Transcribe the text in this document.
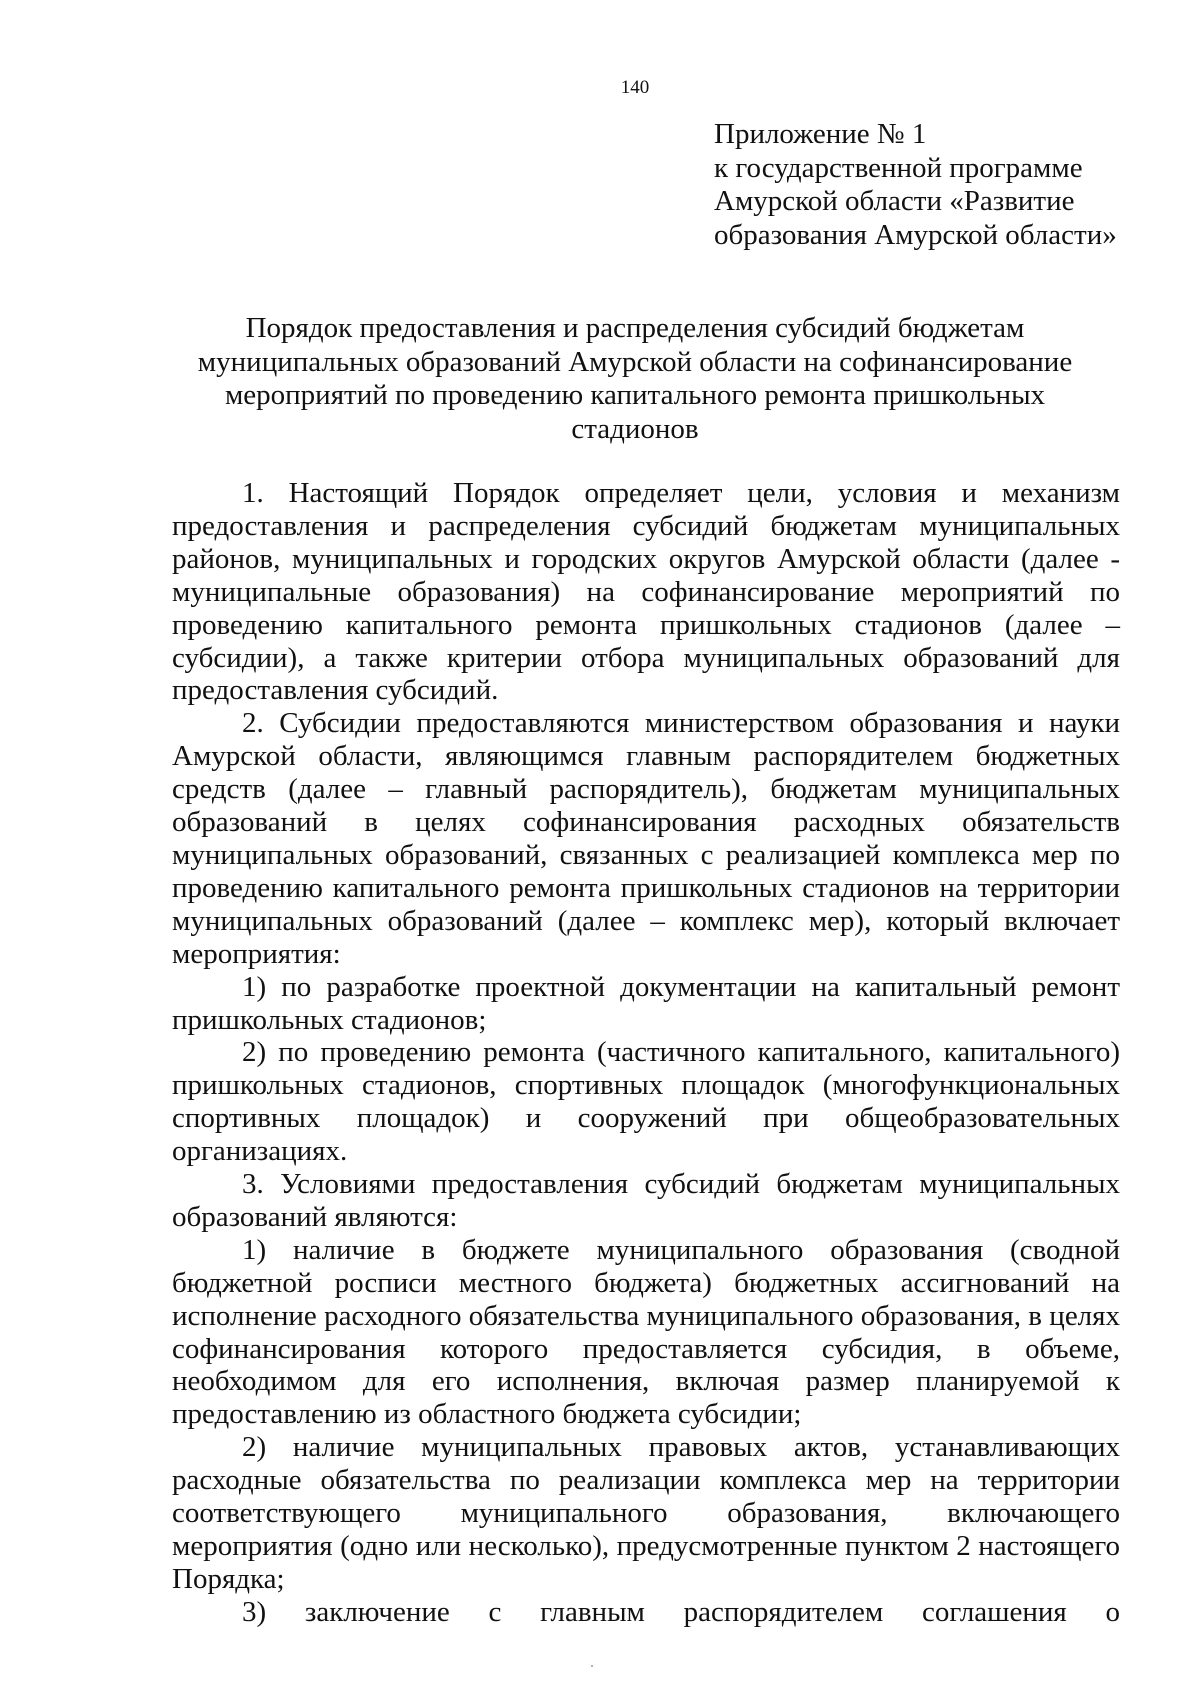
140
Приложение № 1
к государственной программе
Амурской области «Развитие
образования Амурской области»
Порядок предоставления и распределения субсидий бюджетам
муниципальных образований Амурской области на софинансирование
мероприятий по проведению капитального ремонта пришкольных
стадионов

1. Настоящий Порядок определяет цели, условия и механизм предоставления и распределения субсидий бюджетам муниципальных районов, муниципальных и городских округов Амурской области (далее - муниципальные образования) на софинансирование мероприятий по проведению капитального ремонта пришкольных стадионов (далее – субсидии), а также критерии отбора муниципальных образований для предоставления субсидий.

2. Субсидии предоставляются министерством образования и науки Амурской области, являющимся главным распорядителем бюджетных средств (далее – главный распорядитель), бюджетам муниципальных образований в целях софинансирования расходных обязательств муниципальных образований, связанных с реализацией комплекса мер по проведению капитального ремонта пришкольных стадионов на территории муниципальных образований (далее – комплекс мер), который включает мероприятия:

1) по разработке проектной документации на капитальный ремонт пришкольных стадионов;

2) по проведению ремонта (частичного капитального, капитального) пришкольных стадионов, спортивных площадок (многофункциональных спортивных площадок) и сооружений при общеобразовательных организациях.

3. Условиями предоставления субсидий бюджетам муниципальных образований являются:

1) наличие в бюджете муниципального образования (сводной бюджетной росписи местного бюджета) бюджетных ассигнований на исполнение расходного обязательства муниципального образования, в целях софинансирования которого предоставляется субсидия, в объеме, необходимом для его исполнения, включая размер планируемой к предоставлению из областного бюджета субсидии;

2) наличие муниципальных правовых актов, устанавливающих расходные обязательства по реализации комплекса мер на территории соответствующего муниципального образования, включающего мероприятия (одно или несколько), предусмотренные пунктом 2 настоящего Порядка;

3) заключение с главным распорядителем соглашения о
